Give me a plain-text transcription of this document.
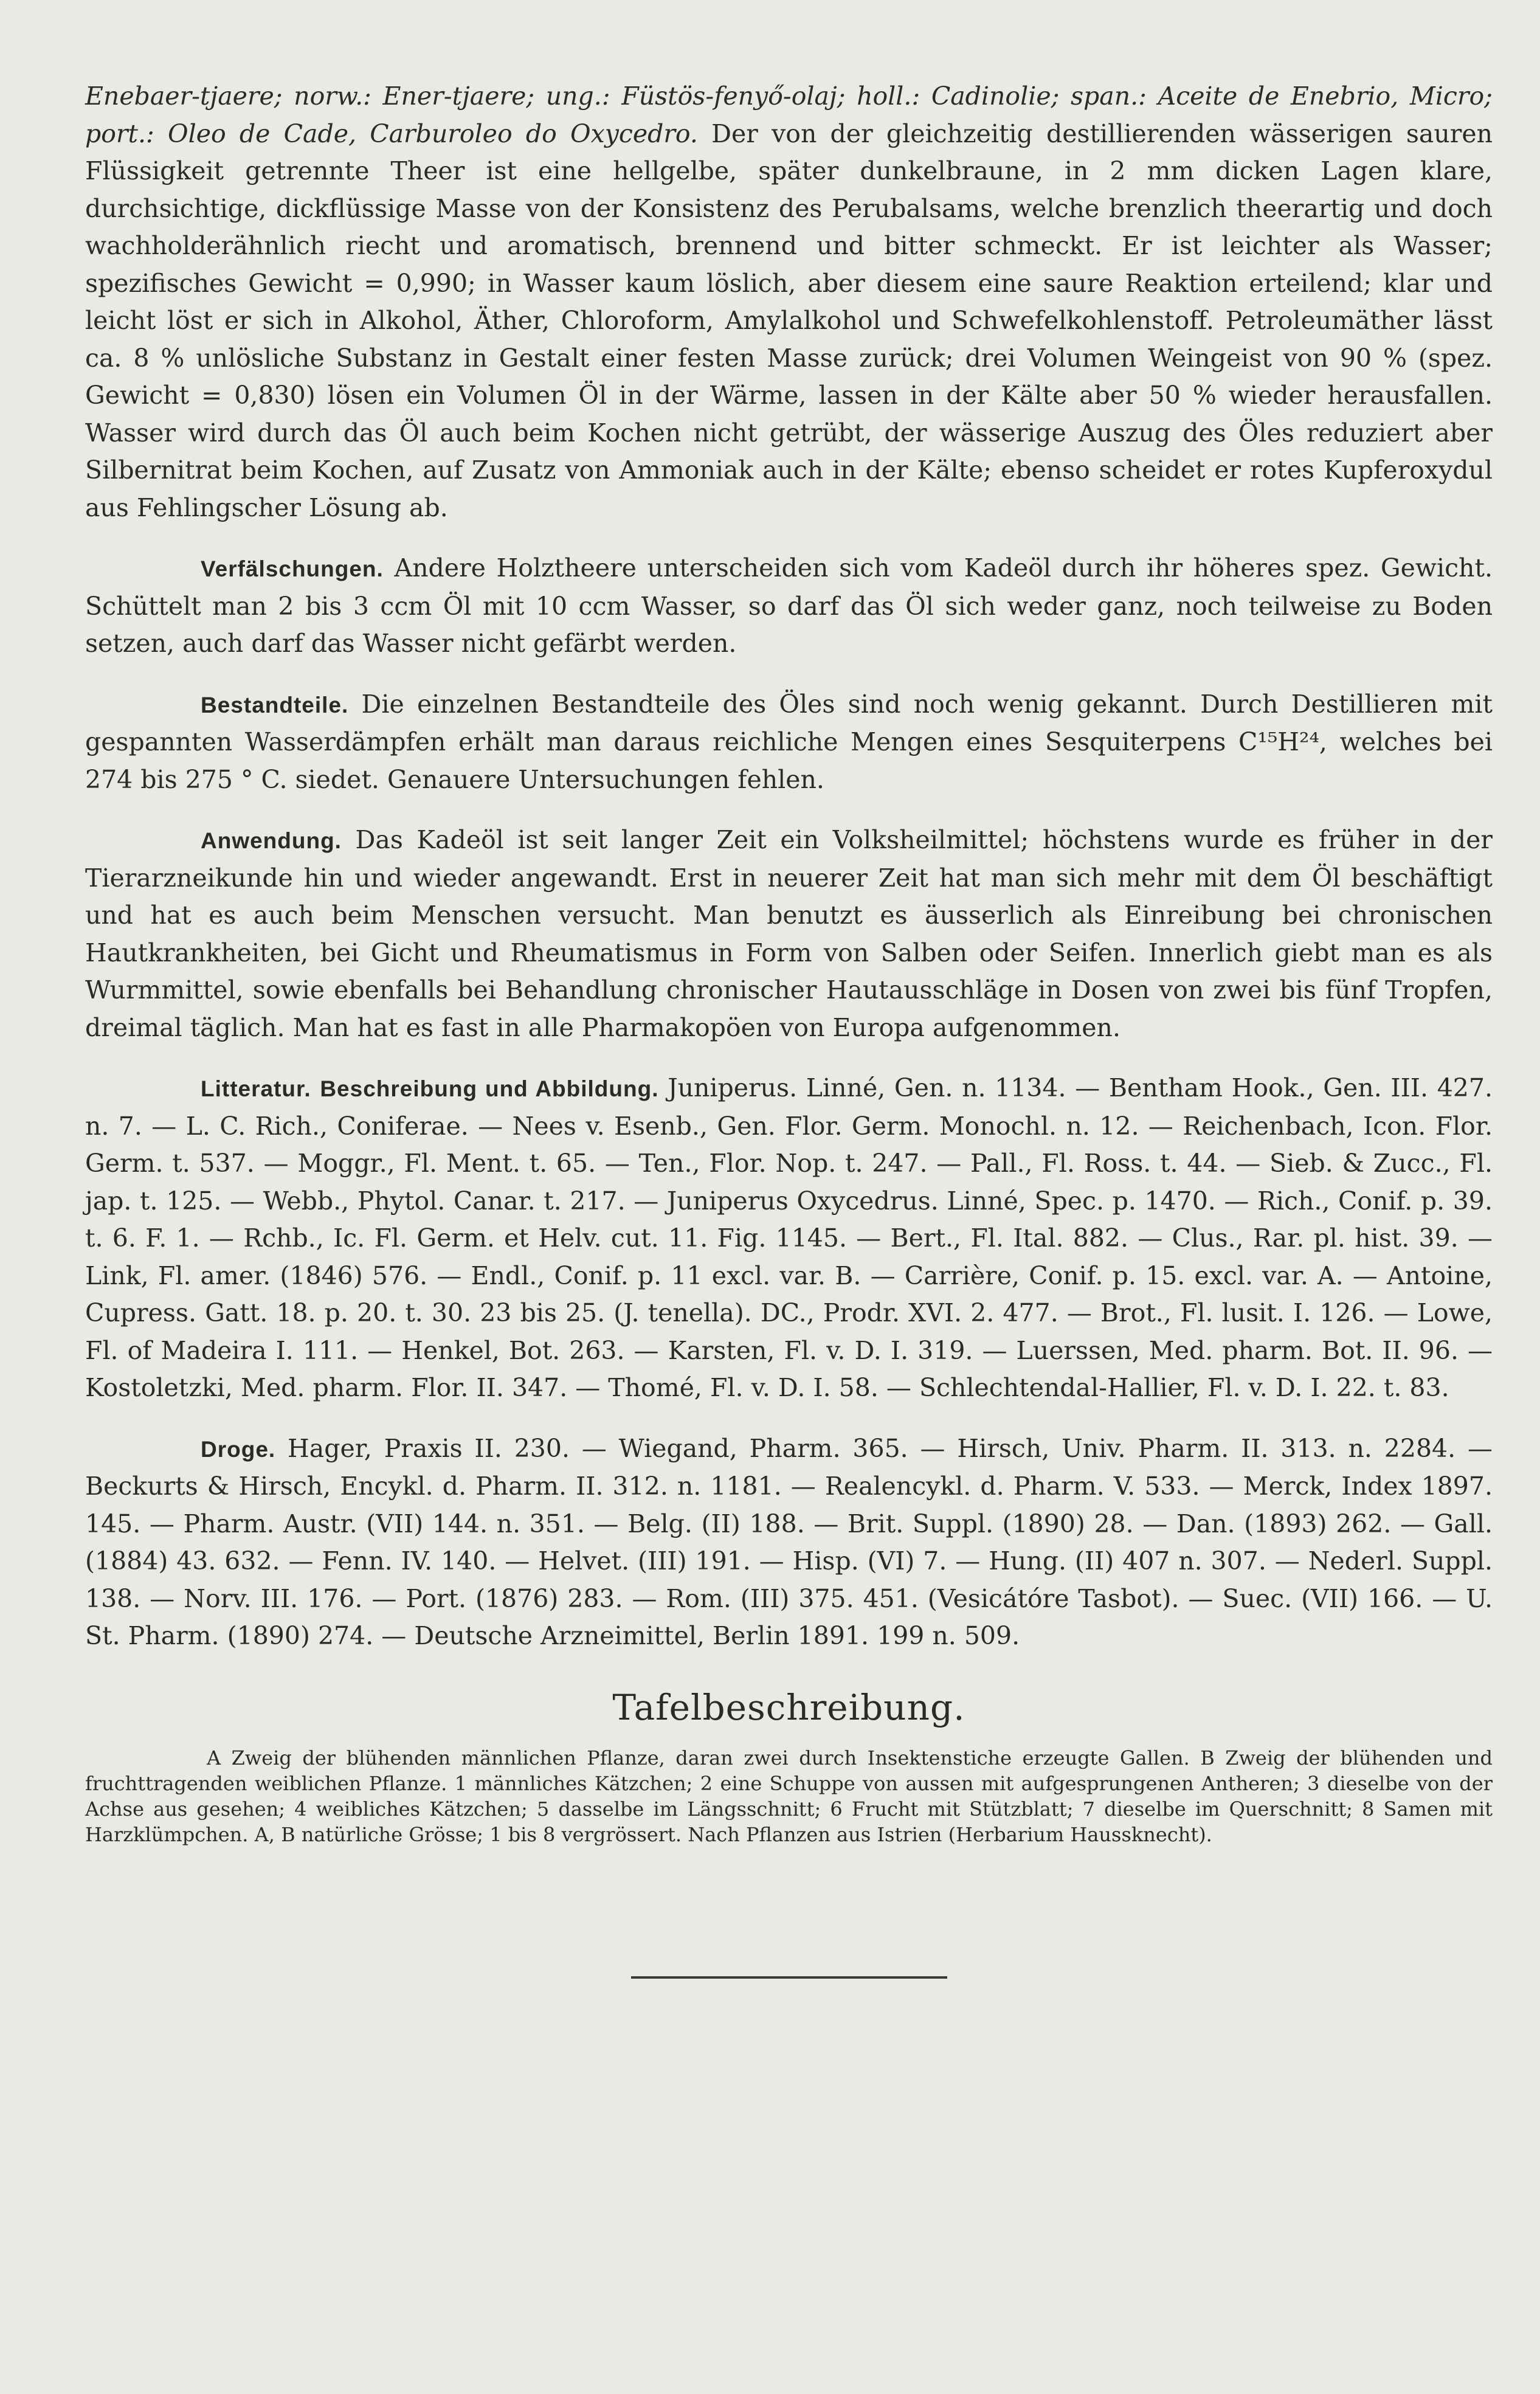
Enebaer-tjaere; norw.: Ener-tjaere; ung.: Füstös-fenyő-olaj; holl.: Cadinolie; span.: Aceite de Enebrio, Micro; port.: Oleo de Cade, Carburoleo do Oxycedro. Der von der gleichzeitig destillierenden wässerigen sauren Flüssigkeit getrennte Theer ist eine hellgelbe, später dunkelbraune, in 2 mm dicken Lagen klare, durchsichtige, dickflüssige Masse von der Konsistenz des Perubalsams, welche brenzlich theerartig und doch wachholderähnlich riecht und aromatisch, brennend und bitter schmeckt. Er ist leichter als Wasser; spezifisches Gewicht = 0,990; in Wasser kaum löslich, aber diesem eine saure Reaktion erteilend; klar und leicht löst er sich in Alkohol, Äther, Chloroform, Amylalkohol und Schwefelkohlenstoff. Petroleumäther lässt ca. 8 % unlösliche Substanz in Gestalt einer festen Masse zurück; drei Volumen Weingeist von 90 % (spez. Gewicht = 0,830) lösen ein Volumen Öl in der Wärme, lassen in der Kälte aber 50 % wieder herausfallen. Wasser wird durch das Öl auch beim Kochen nicht getrübt, der wässerige Auszug des Öles reduziert aber Silbernitrat beim Kochen, auf Zusatz von Ammoniak auch in der Kälte; ebenso scheidet er rotes Kupferoxydul aus Fehlingscher Lösung ab.

Verfälschungen. Andere Holztheere unterscheiden sich vom Kadeöl durch ihr höheres spez. Gewicht. Schüttelt man 2 bis 3 ccm Öl mit 10 ccm Wasser, so darf das Öl sich weder ganz, noch teilweise zu Boden setzen, auch darf das Wasser nicht gefärbt werden.

Bestandteile. Die einzelnen Bestandteile des Öles sind noch wenig gekannt. Durch Destillieren mit gespannten Wasserdämpfen erhält man daraus reichliche Mengen eines Sesquiterpens C¹⁵H²⁴, welches bei 274 bis 275 ° C. siedet. Genauere Untersuchungen fehlen.

Anwendung. Das Kadeöl ist seit langer Zeit ein Volksheilmittel; höchstens wurde es früher in der Tierarzneikunde hin und wieder angewandt. Erst in neuerer Zeit hat man sich mehr mit dem Öl beschäftigt und hat es auch beim Menschen versucht. Man benutzt es äusserlich als Einreibung bei chronischen Hautkrankheiten, bei Gicht und Rheumatismus in Form von Salben oder Seifen. Innerlich giebt man es als Wurmmittel, sowie ebenfalls bei Behandlung chronischer Hautausschläge in Dosen von zwei bis fünf Tropfen, dreimal täglich. Man hat es fast in alle Pharmakopöen von Europa aufgenommen.

Litteratur. Beschreibung und Abbildung. Juniperus. Linné, Gen. n. 1134. — Bentham Hook., Gen. III. 427. n. 7. — L. C. Rich., Coniferae. — Nees v. Esenb., Gen. Flor. Germ. Monochl. n. 12. — Reichenbach, Icon. Flor. Germ. t. 537. — Moggr., Fl. Ment. t. 65. — Ten., Flor. Nop. t. 247. — Pall., Fl. Ross. t. 44. — Sieb. & Zucc., Fl. jap. t. 125. — Webb., Phytol. Canar. t. 217. — Juniperus Oxycedrus. Linné, Spec. p. 1470. — Rich., Conif. p. 39. t. 6. F. 1. — Rchb., Ic. Fl. Germ. et Helv. cut. 11. Fig. 1145. — Bert., Fl. Ital. 882. — Clus., Rar. pl. hist. 39. — Link, Fl. amer. (1846) 576. — Endl., Conif. p. 11 excl. var. B. — Carrière, Conif. p. 15. excl. var. A. — Antoine, Cupress. Gatt. 18. p. 20. t. 30. 23 bis 25. (J. tenella). DC., Prodr. XVI. 2. 477. — Brot., Fl. lusit. I. 126. — Lowe, Fl. of Madeira I. 111. — Henkel, Bot. 263. — Karsten, Fl. v. D. I. 319. — Luerssen, Med. pharm. Bot. II. 96. — Kostoletzki, Med. pharm. Flor. II. 347. — Thomé, Fl. v. D. I. 58. — Schlechtendal-Hallier, Fl. v. D. I. 22. t. 83.

Droge. Hager, Praxis II. 230. — Wiegand, Pharm. 365. — Hirsch, Univ. Pharm. II. 313. n. 2284. — Beckurts & Hirsch, Encykl. d. Pharm. II. 312. n. 1181. — Realencykl. d. Pharm. V. 533. — Merck, Index 1897. 145. — Pharm. Austr. (VII) 144. n. 351. — Belg. (II) 188. — Brit. Suppl. (1890) 28. — Dan. (1893) 262. — Gall. (1884) 43. 632. — Fenn. IV. 140. — Helvet. (III) 191. — Hisp. (VI) 7. — Hung. (II) 407 n. 307. — Nederl. Suppl. 138. — Norv. III. 176. — Port. (1876) 283. — Rom. (III) 375. 451. (Vesicátóre Tasbot). — Suec. (VII) 166. — U. St. Pharm. (1890) 274. — Deutsche Arzneimittel, Berlin 1891. 199 n. 509.

Tafelbeschreibung.

A Zweig der blühenden männlichen Pflanze, daran zwei durch Insektenstiche erzeugte Gallen. B Zweig der blühenden und fruchttragenden weiblichen Pflanze. 1 männliches Kätzchen; 2 eine Schuppe von aussen mit aufgesprungenen Antheren; 3 dieselbe von der Achse aus gesehen; 4 weibliches Kätzchen; 5 dasselbe im Längsschnitt; 6 Frucht mit Stützblatt; 7 dieselbe im Querschnitt; 8 Samen mit Harzklümpchen. A, B natürliche Grösse; 1 bis 8 vergrössert. Nach Pflanzen aus Istrien (Herbarium Haussknecht).
